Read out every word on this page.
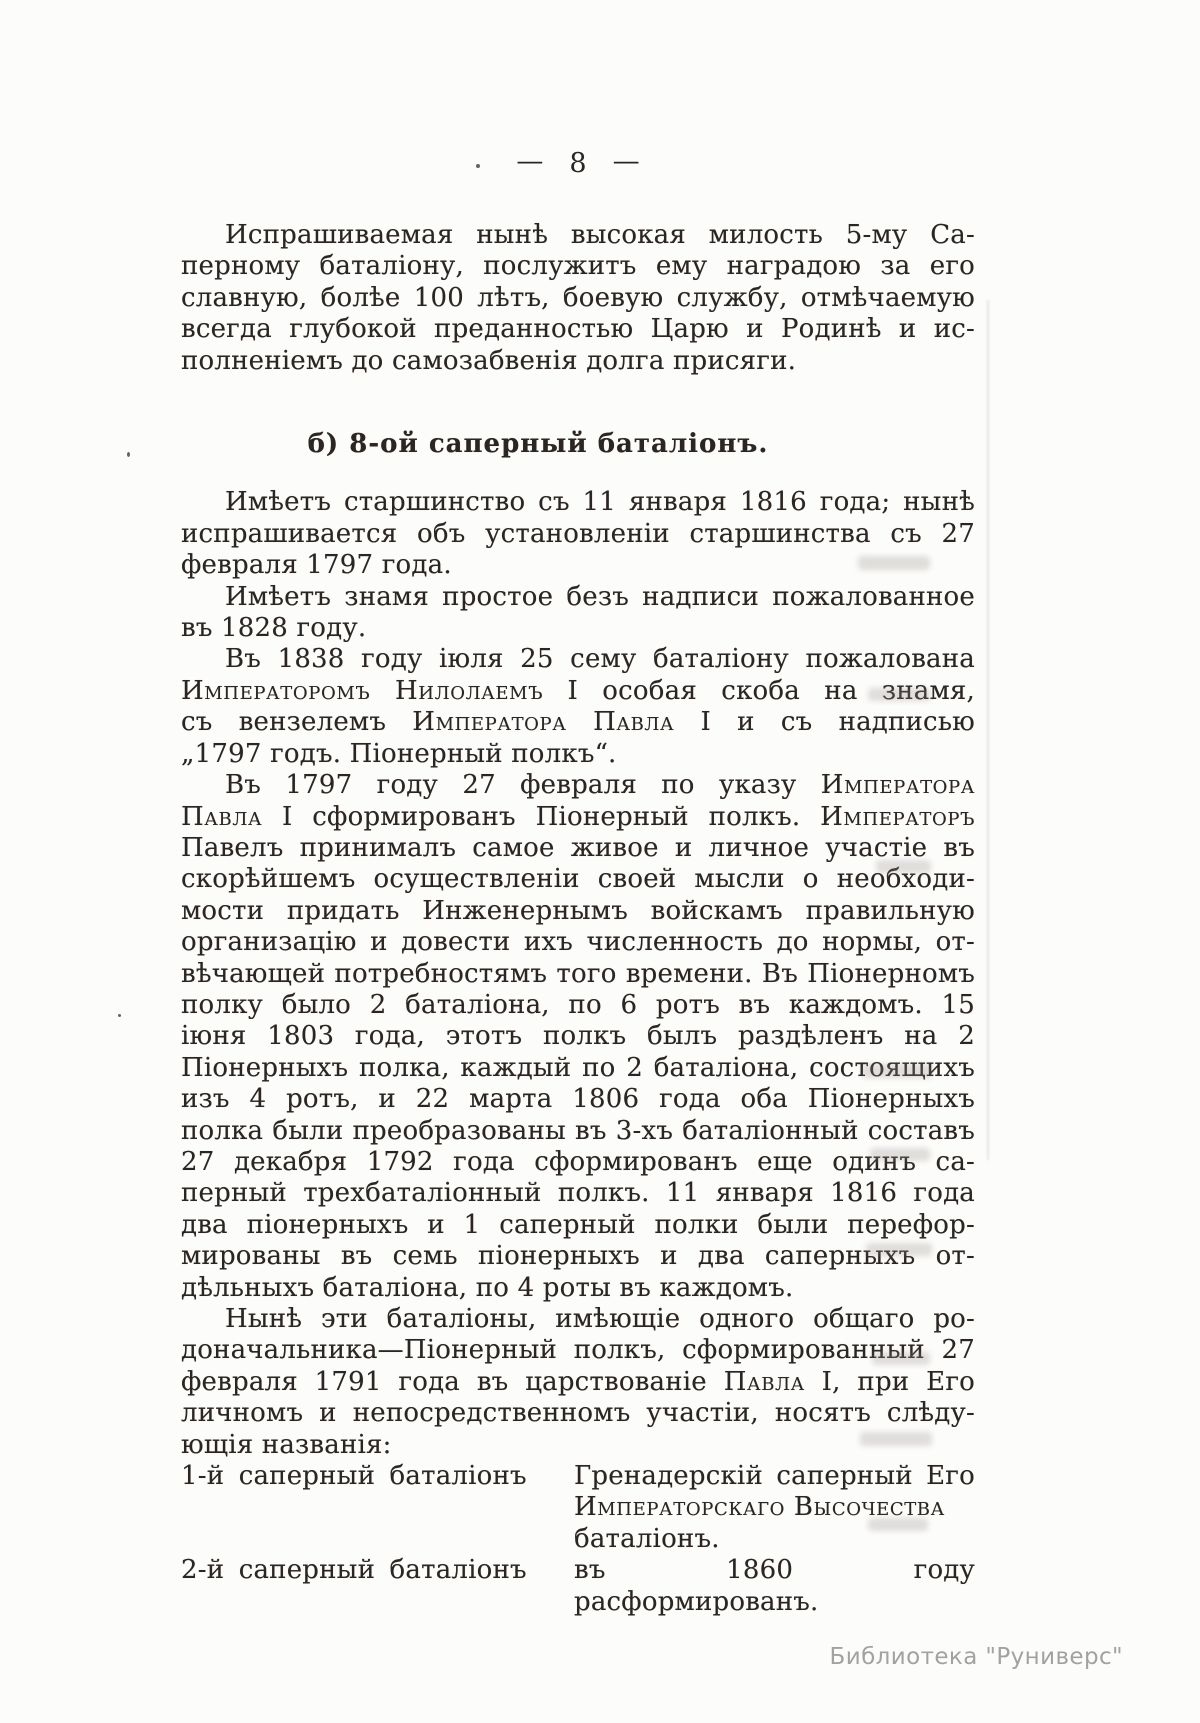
— 8 —
Испрашиваемая нынѣ высокая милость 5-му Са-
перному баталіону, послужитъ ему наградою за его
славную, болѣе 100 лѣтъ, боевую службу, отмѣчаемую
всегда глубокой преданностью Царю и Родинѣ и ис-
полненіемъ до самозабвенія долга присяги.
б) 8-ой саперный баталіонъ.
Имѣетъ старшинство съ 11 января 1816 года; нынѣ
испрашивается объ установленіи старшинства съ 27
февраля 1797 года.
Имѣетъ знамя простое безъ надписи пожалованное
въ 1828 году.
Въ 1838 году іюля 25 сему баталіону пожалована
Императоромъ Нилолаемъ I особая скоба на знамя,
съ вензелемъ Императора Павла I и съ надписью
„1797 годъ. Піонерный полкъ“.
Въ 1797 году 27 февраля по указу Императора
Павла I сформированъ Піонерный полкъ. Императоръ
Павелъ принималъ самое живое и личное участіе въ
скорѣйшемъ осуществленіи своей мысли о необходи-
мости придать Инженернымъ войскамъ правильную
организацію и довести ихъ численность до нормы, от-
вѣчающей потребностямъ того времени. Въ Піонерномъ
полку было 2 баталіона, по 6 ротъ въ каждомъ. 15
іюня 1803 года, этотъ полкъ былъ раздѣленъ на 2
Піонерныхъ полка, каждый по 2 баталіона, состоящихъ
изъ 4 ротъ, и 22 марта 1806 года оба Піонерныхъ
полка были преобразованы въ 3-хъ баталіонный составъ
27 декабря 1792 года сформированъ еще одинъ са-
перный трехбаталіонный полкъ. 11 января 1816 года
два піонерныхъ и 1 саперный полки были перефор-
мированы въ семь піонерныхъ и два саперныхъ от-
дѣльныхъ баталіона, по 4 роты въ каждомъ.
Нынѣ эти баталіоны, имѣющіе одного общаго ро-
доначальника—Піонерный полкъ, сформированный 27
февраля 1791 года въ царствованіе Павла I, при Его
личномъ и непосредственномъ участіи, носятъ слѣду-
ющія названія:
1-й саперный баталіонъ	Гренадерскій саперный Его
Императорскаго Высочества
баталіонъ.
2-й саперный баталіонъ	въ 1860 году расформированъ.
Библиотека "Руниверс"
